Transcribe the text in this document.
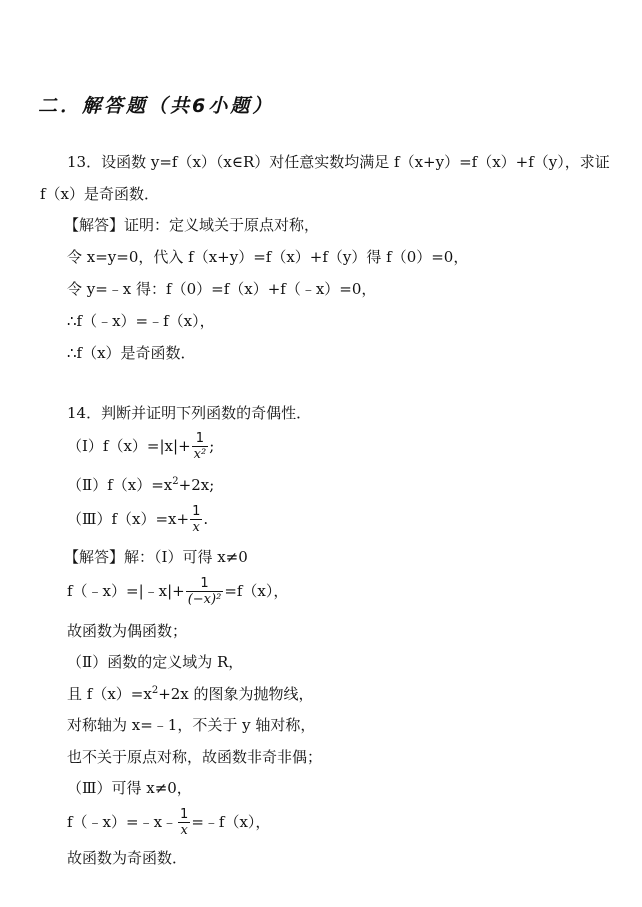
二．解答题（共6小题）
13．设函数 y=f（x）（x∈R）对任意实数均满足 f（x+y）=f（x）+f（y），求证
f（x）是奇函数．
【解答】证明：定义域关于原点对称，
令 x=y=0，代入 f（x+y）=f（x）+f（y）得 f（0）=0，
令 y=﹣x 得：f（0）=f（x）+f（﹣x）=0，
∴f（﹣x）=﹣f（x），
∴f（x）是奇函数．
14．判断并证明下列函数的奇偶性．
（Ⅰ）f（x）=|x|+ $\frac{1}{\text{x²}}$ ;
$(Ⅱ)f(x)=x^2+2x$;
（Ⅲ）f（x）=x+ $\frac{1}{x}$ .
【解答】解：（Ⅰ）可得 x≠0
f（﹣x）=|﹣x|+ $\frac{1}{\text{(−x)²}} =f(x)$，
故函数为偶函数；
（Ⅱ）函数的定义域为 R，
且 $f(x)=x^2+2x$ 的图象为抛物线，
对称轴为 x=﹣1，不关于 y 轴对称，
也不关于原点对称，故函数非奇非偶；
（Ⅲ）可得 x≠0，
f（﹣x）=﹣x﹣ $\frac{1}{x}$ =﹣f（x），
故函数为奇函数．
